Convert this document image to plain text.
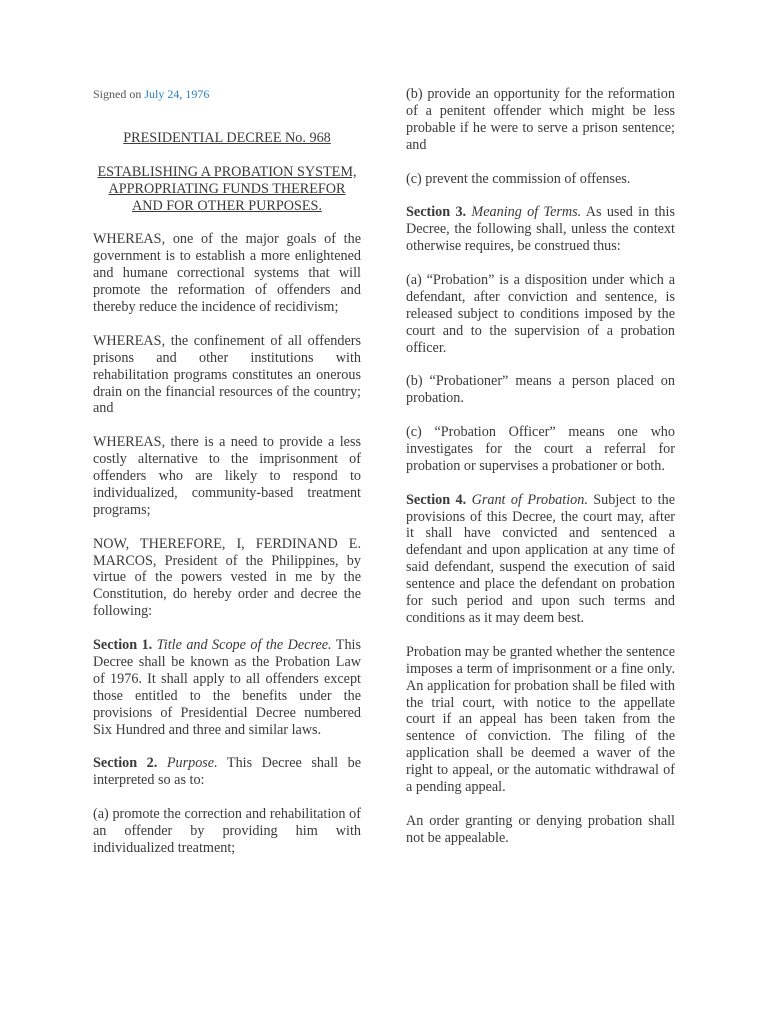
Signed on July 24, 1976

PRESIDENTIAL DECREE No. 968

ESTABLISHING A PROBATION SYSTEM, APPROPRIATING FUNDS THEREFOR AND FOR OTHER PURPOSES.

WHEREAS, one of the major goals of the government is to establish a more enlightened and humane correctional systems that will promote the reformation of offenders and thereby reduce the incidence of recidivism;

WHEREAS, the confinement of all offenders prisons and other institutions with rehabilitation programs constitutes an onerous drain on the financial resources of the country; and

WHEREAS, there is a need to provide a less costly alternative to the imprisonment of offenders who are likely to respond to individualized, community-based treatment programs;

NOW, THEREFORE, I, FERDINAND E. MARCOS, President of the Philippines, by virtue of the powers vested in me by the Constitution, do hereby order and decree the following:

Section 1. Title and Scope of the Decree. This Decree shall be known as the Probation Law of 1976. It shall apply to all offenders except those entitled to the benefits under the provisions of Presidential Decree numbered Six Hundred and three and similar laws.

Section 2. Purpose. This Decree shall be interpreted so as to:

(a) promote the correction and rehabilitation of an offender by providing him with individualized treatment;

(b) provide an opportunity for the reformation of a penitent offender which might be less probable if he were to serve a prison sentence; and

(c) prevent the commission of offenses.

Section 3. Meaning of Terms. As used in this Decree, the following shall, unless the context otherwise requires, be construed thus:

(a) “Probation” is a disposition under which a defendant, after conviction and sentence, is released subject to conditions imposed by the court and to the supervision of a probation officer.

(b) “Probationer” means a person placed on probation.

(c) “Probation Officer” means one who investigates for the court a referral for probation or supervises a probationer or both.

Section 4. Grant of Probation. Subject to the provisions of this Decree, the court may, after it shall have convicted and sentenced a defendant and upon application at any time of said defendant, suspend the execution of said sentence and place the defendant on probation for such period and upon such terms and conditions as it may deem best.

Probation may be granted whether the sentence imposes a term of imprisonment or a fine only. An application for probation shall be filed with the trial court, with notice to the appellate court if an appeal has been taken from the sentence of conviction. The filing of the application shall be deemed a waver of the right to appeal, or the automatic withdrawal of a pending appeal.

An order granting or denying probation shall not be appealable.
